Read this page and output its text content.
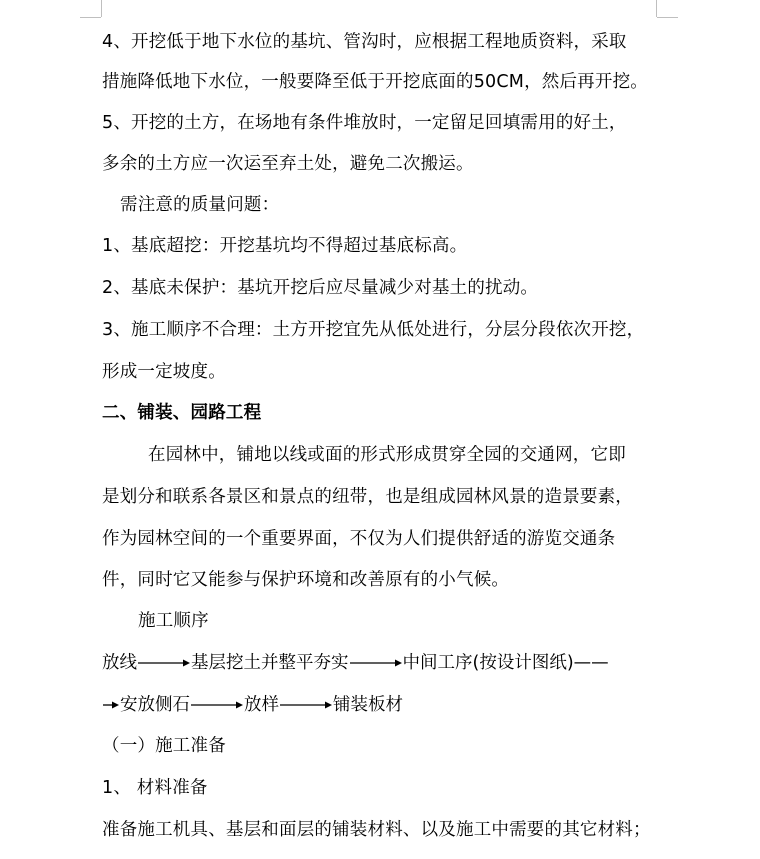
4、开挖低于地下水位的基坑、管沟时，应根据工程地质资料，采取
措施降低地下水位，一般要降至低于开挖底面的50CM，然后再开挖。
5、开挖的土方，在场地有条件堆放时，一定留足回填需用的好土，
多余的土方应一次运至弃土处，避免二次搬运。
需注意的质量问题：
1、基底超挖：开挖基坑均不得超过基底标高。
2、基底未保护：基坑开挖后应尽量减少对基土的扰动。
3、施工顺序不合理：土方开挖宜先从低处进行，分层分段依次开挖，
形成一定坡度。
二、铺装、园路工程
在园林中，铺地以线或面的形式形成贯穿全园的交通网，它即
是划分和联系各景区和景点的纽带，也是组成园林风景的造景要素，
作为园林空间的一个重要界面，不仅为人们提供舒适的游览交通条
件，同时它又能参与保护环境和改善原有的小气候。
施工顺序
放线	基层挖土并整平夯实	中间工序(按设计图纸) ——
安放侧石	放样	铺装板材
（一）施工准备
1、 材料准备
准备施工机具、基层和面层的铺装材料、以及施工中需要的其它材料；
